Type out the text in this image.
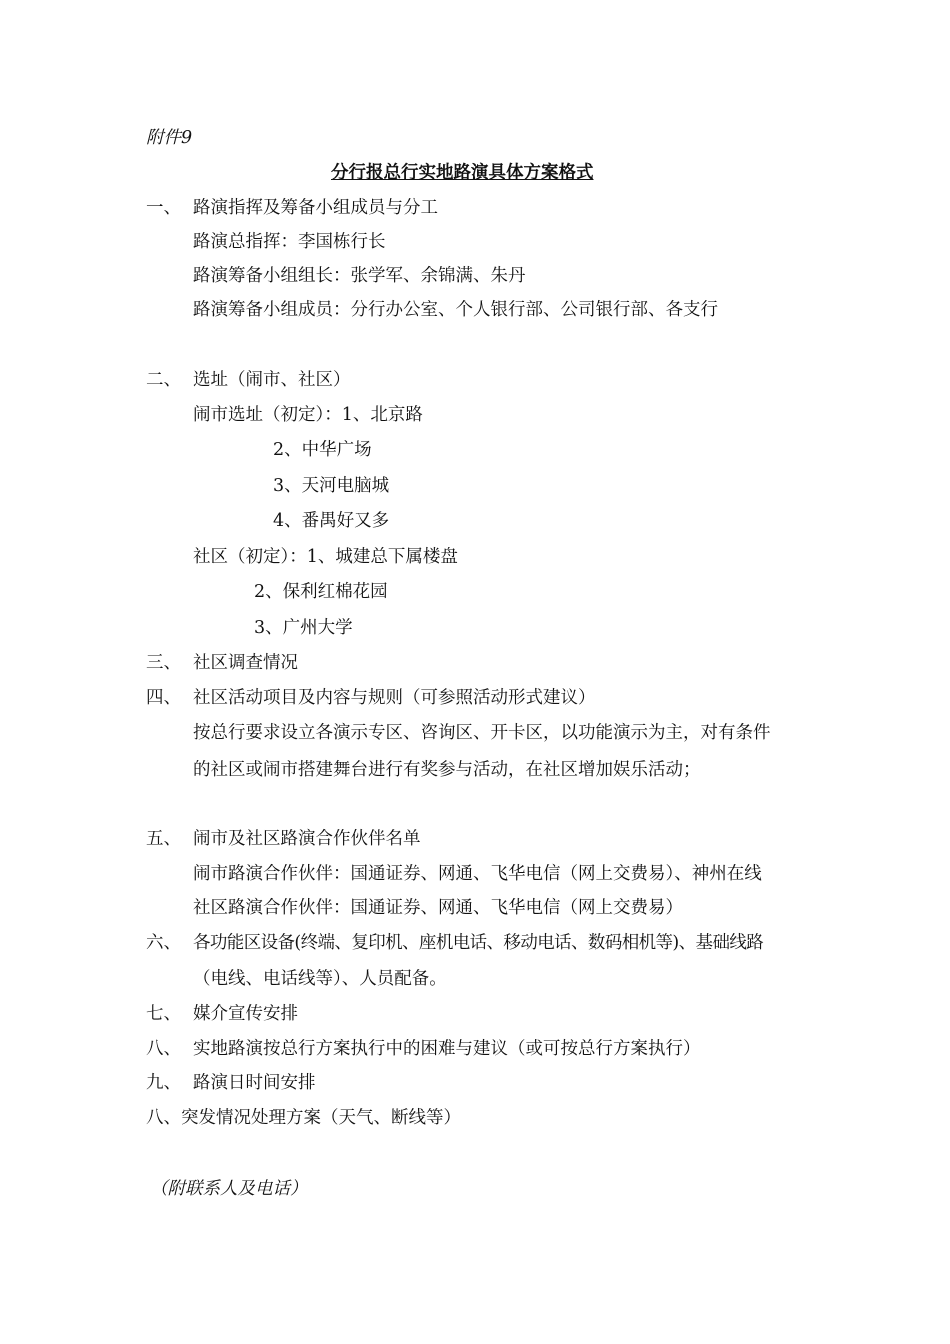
附件9
分行报总行实地路演具体方案格式
一、 路演指挥及筹备小组成员与分工
路演总指挥：李国栋行长
路演筹备小组组长：张学军、余锦满、朱丹
路演筹备小组成员：分行办公室、个人银行部、公司银行部、各支行
二、 选址（闹市、社区）
闹市选址（初定）：1、北京路
2、中华广场
3、天河电脑城
4、番禺好又多
社区（初定）：1、城建总下属楼盘
2、保利红棉花园
3、广州大学
三、 社区调查情况
四、 社区活动项目及内容与规则（可参照活动形式建议）
按总行要求设立各演示专区、咨询区、开卡区，以功能演示为主，对有条件
的社区或闹市搭建舞台进行有奖参与活动，在社区增加娱乐活动；
五、 闹市及社区路演合作伙伴名单
闹市路演合作伙伴：国通证券、网通、飞华电信（网上交费易）、神州在线
社区路演合作伙伴：国通证券、网通、飞华电信（网上交费易）
六、 各功能区设备(终端、复印机、座机电话、移动电话、数码相机等)、基础线路
（电线、电话线等）、人员配备。
七、 媒介宣传安排
八、 实地路演按总行方案执行中的困难与建议（或可按总行方案执行）
九、 路演日时间安排
八、突发情况处理方案（天气、断线等）
（附联系人及电话）
